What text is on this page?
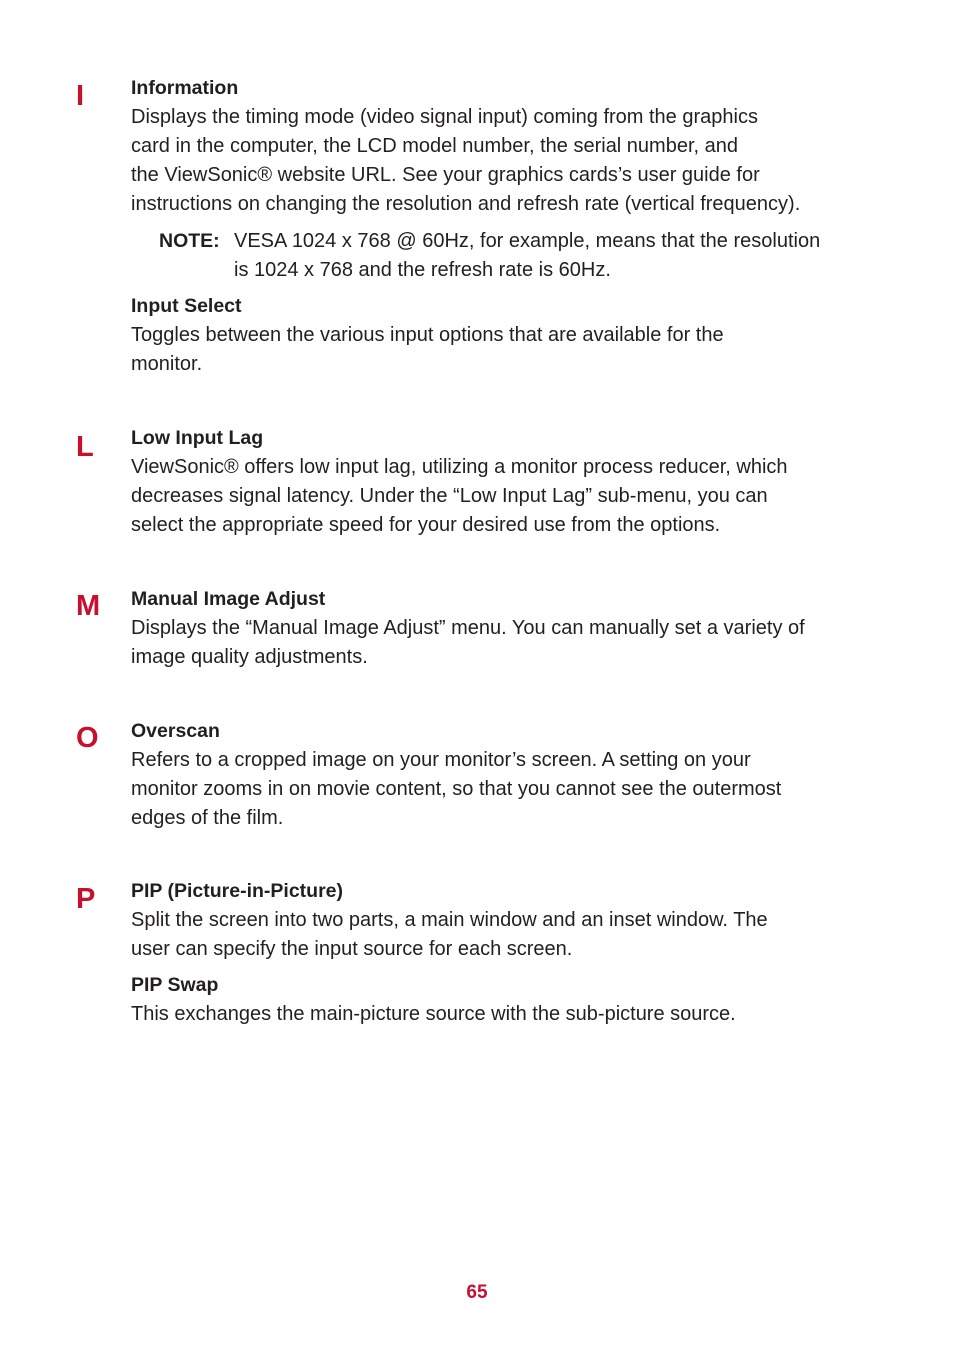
I	Information
Displays the timing mode (video signal input) coming from the graphics
card in the computer, the LCD model number, the serial number, and
the ViewSonic® website URL. See your graphics cards’s user guide for
instructions on changing the resolution and refresh rate (vertical frequency).
NOTE: VESA 1024 x 768 @ 60Hz, for example, means that the resolution
is 1024 x 768 and the refresh rate is 60Hz.
Input Select
Toggles between the various input options that are available for the
monitor.
L	Low Input Lag
ViewSonic® offers low input lag, utilizing a monitor process reducer, which
decreases signal latency. Under the “Low Input Lag” sub-menu, you can
select the appropriate speed for your desired use from the options.
M	Manual Image Adjust
Displays the “Manual Image Adjust” menu. You can manually set a variety of
image quality adjustments.
O	Overscan
Refers to a cropped image on your monitor’s screen. A setting on your
monitor zooms in on movie content, so that you cannot see the outermost
edges of the film.
P	PIP (Picture-in-Picture)
Split the screen into two parts, a main window and an inset window. The
user can specify the input source for each screen.
PIP Swap
This exchanges the main-picture source with the sub-picture source.
65
